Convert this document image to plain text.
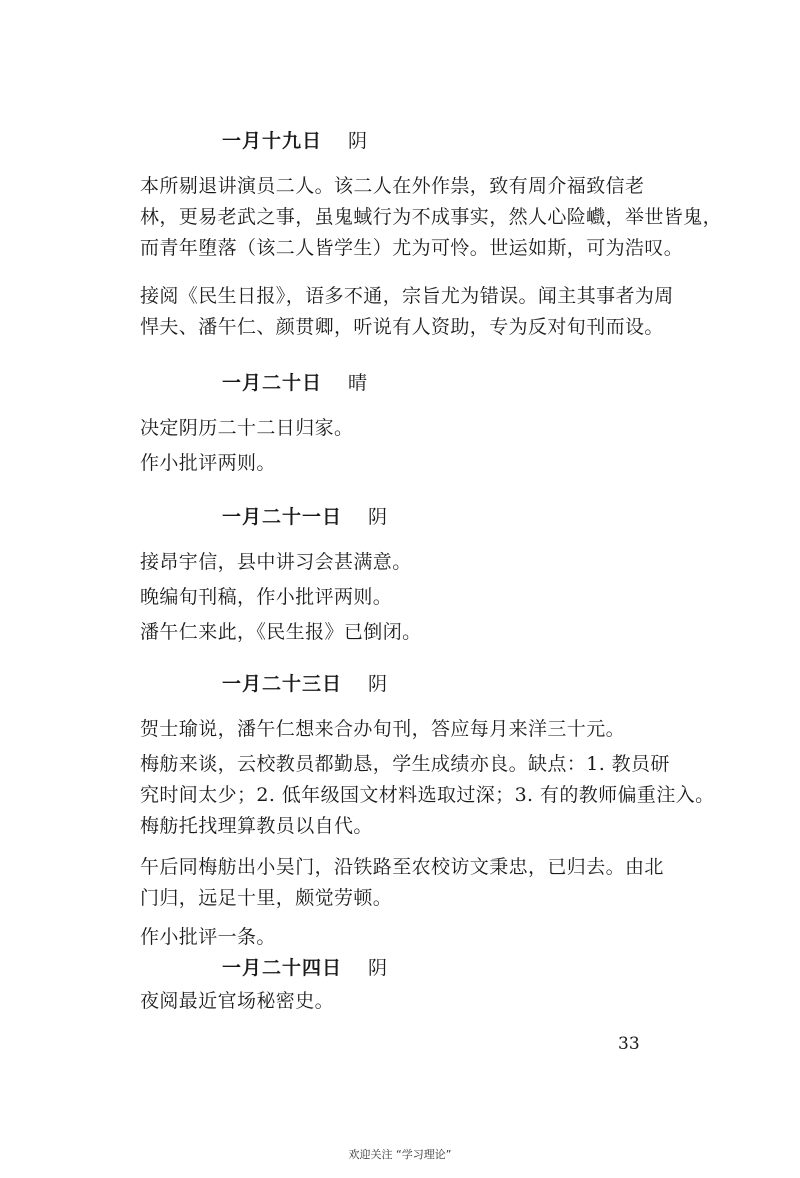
一月十九日 阴
本所剔退讲演员二人。该二人在外作祟，致有周介福致信老
林，更易老武之事，虽鬼蜮行为不成事实，然人心险巇，举世皆鬼，
而青年堕落（该二人皆学生）尤为可怜。世运如斯，可为浩叹。
接阅《民生日报》，语多不通，宗旨尤为错误。闻主其事者为周
悍夫、潘午仁、颜贯卿，听说有人资助，专为反对旬刊而设。
一月二十日 晴
决定阴历二十二日归家。
作小批评两则。
一月二十一日 阴
接昂宇信，县中讲习会甚满意。
晚编旬刊稿，作小批评两则。
潘午仁来此，《民生报》已倒闭。
一月二十三日 阴
贺士瑜说，潘午仁想来合办旬刊，答应每月来洋三十元。
梅舫来谈，云校教员都勤恳，学生成绩亦良。缺点：1. 教员研
究时间太少；2. 低年级国文材料选取过深；3. 有的教师偏重注入。
梅舫托找理算教员以自代。
午后同梅舫出小吴门，沿铁路至农校访文秉忠，已归去。由北
门归，远足十里，颇觉劳顿。
作小批评一条。
一月二十四日 阴
夜阅最近官场秘密史。
33
欢迎关注 “学习理论”
